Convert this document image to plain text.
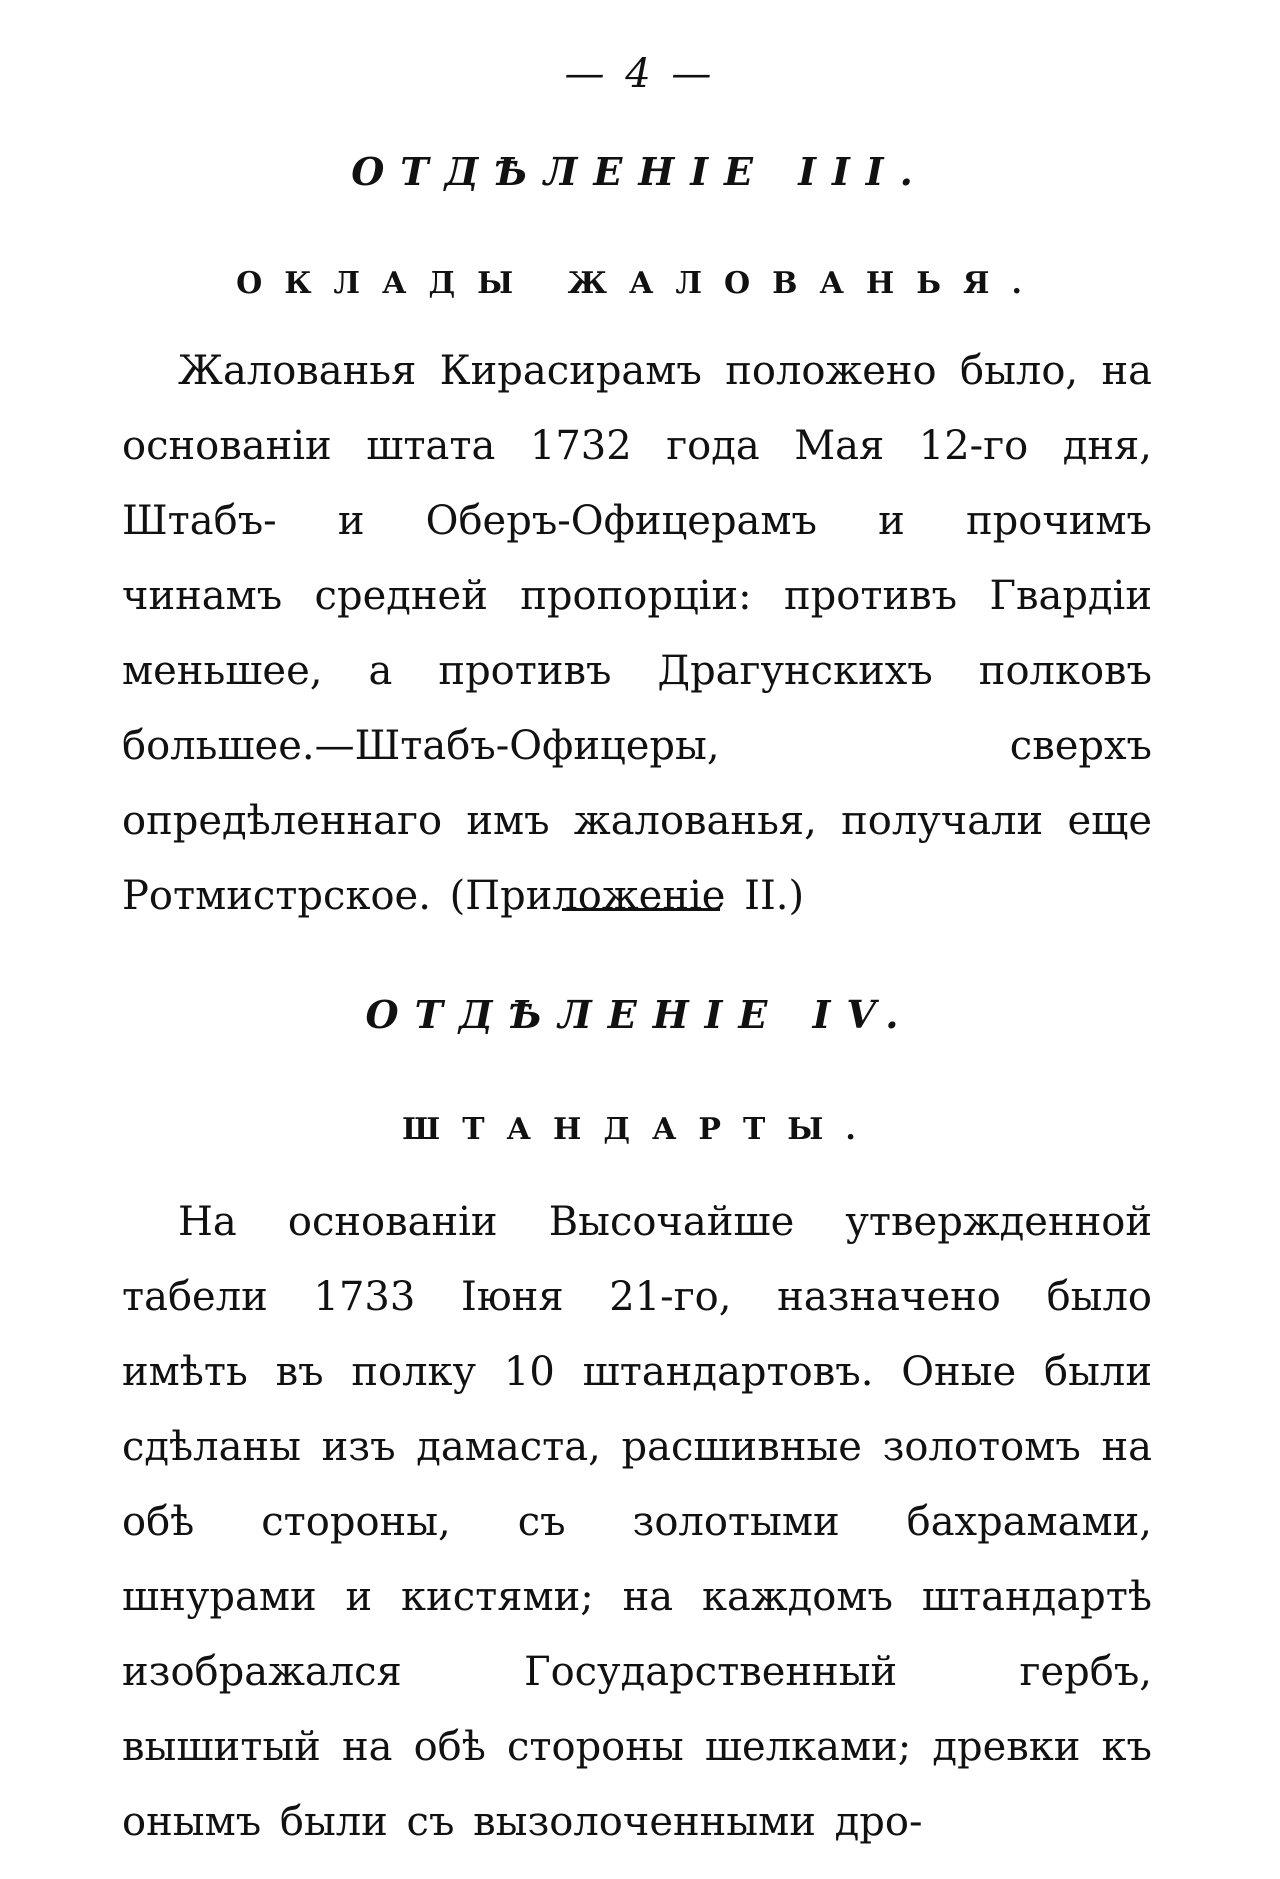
— 4 —
ОТДѢЛЕНІЕ III.
ОКЛАДЫ ЖАЛОВАНЬЯ.

Жалованья Кирасирамъ положено было, на основаніи штата 1732 года Мая 12-го дня, Штабъ- и Оберъ-Офицерамъ и прочимъ чинамъ средней пропорціи: противъ Гвардіи меньшее, а противъ Драгунскихъ полковъ большее.—Штабъ-Офицеры, сверхъ опредѣленнаго имъ жалованья, получали еще Ротмистрское. (Приложеніе II.)

ОТДѢЛЕНІЕ IV.
ШТАНДАРТЫ.

На основаніи Высочайше утвержденной табели 1733 Іюня 21-го, назначено было имѣть въ полку 10 штандартовъ. Оные были сдѣланы изъ дамаста, расшивные золотомъ на обѣ стороны, съ золотыми бахрамами, шнурами и кистями; на каждомъ штандартѣ изображался Государственный гербъ, вышитый на обѣ стороны шелками; древки къ онымъ были съ вызолоченными дро-
